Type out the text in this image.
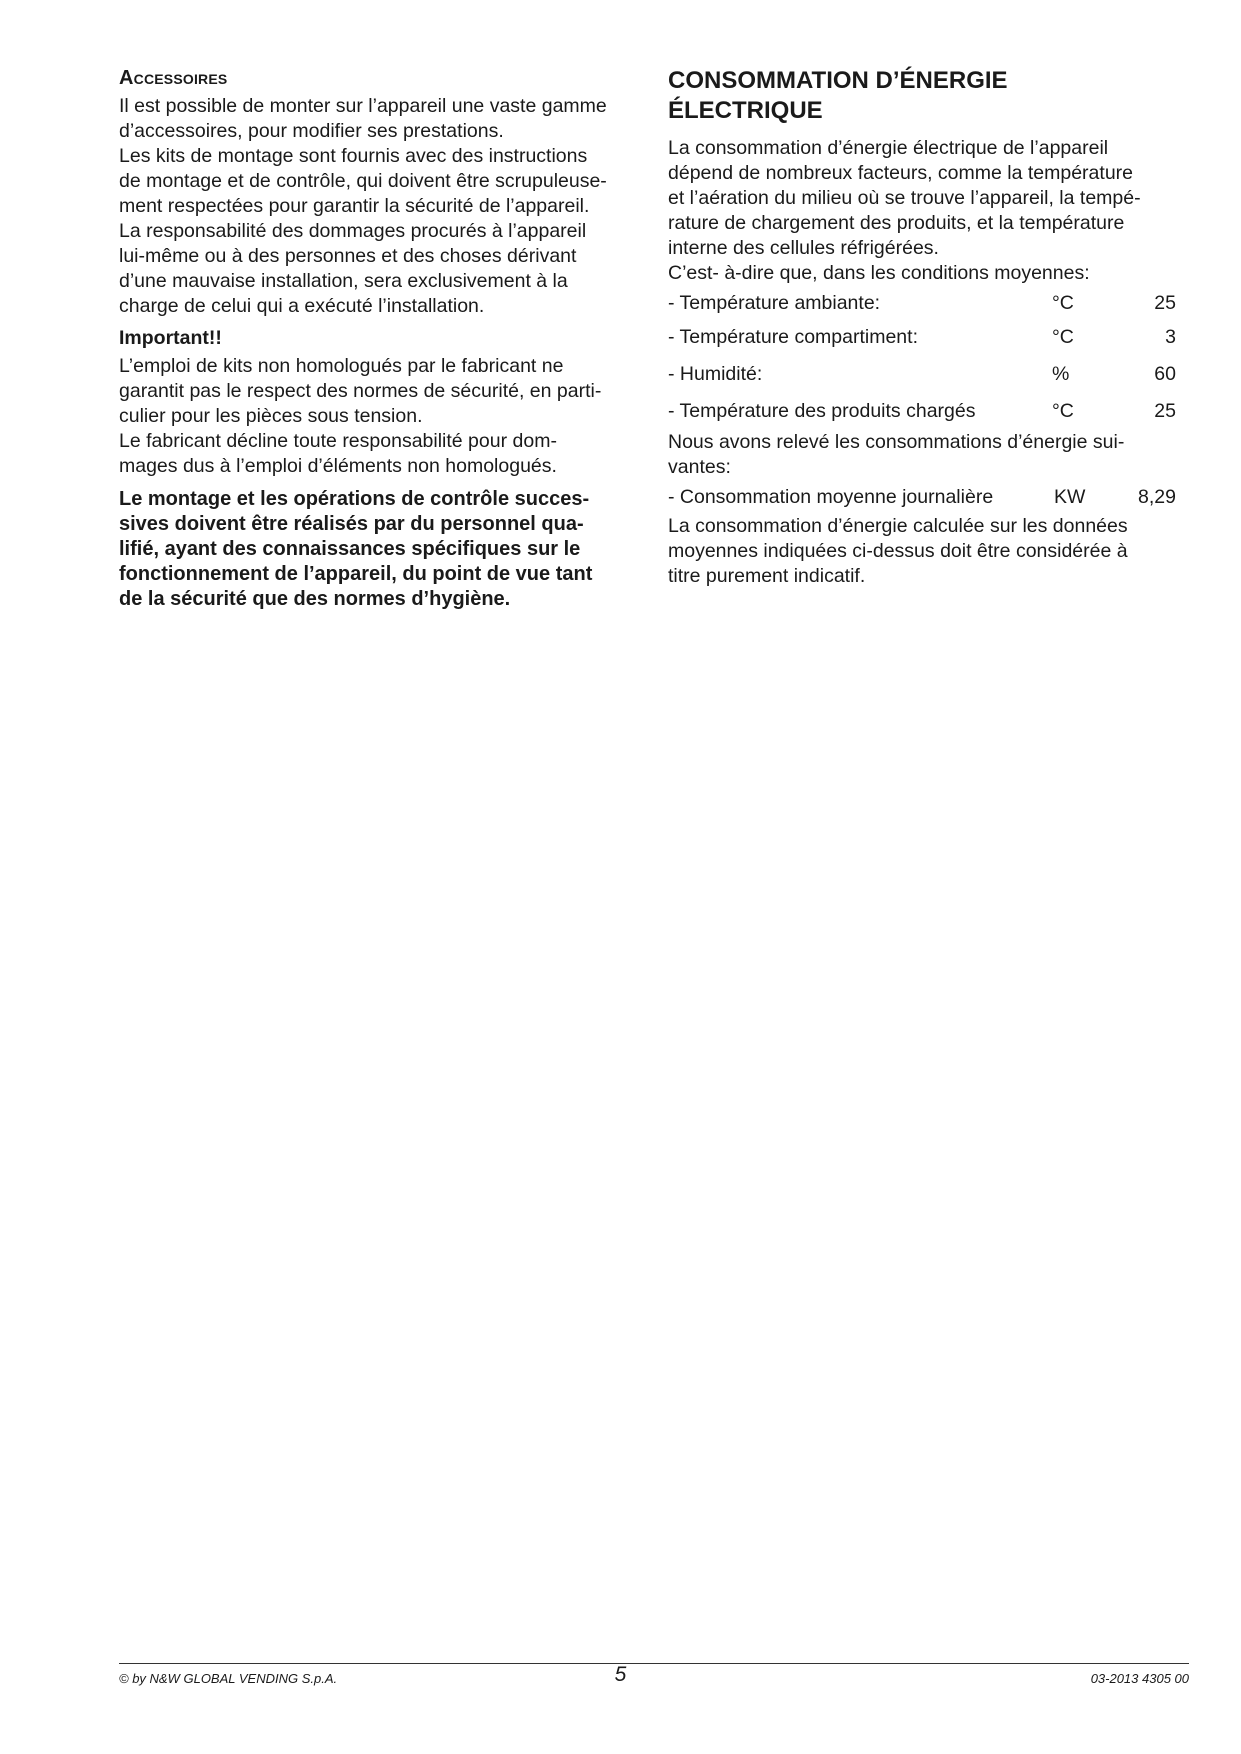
Accessoires

Il est possible de monter sur l’appareil une vaste gamme

d’accessoires, pour modifier ses prestations.

Les kits de montage sont fournis avec des instructions

de montage et de contrôle, qui doivent être scrupuleuse-

ment respectées pour garantir la sécurité de l’appareil.

La responsabilité des dommages procurés à l’appareil

lui-même ou à des personnes et des choses dérivant

d’une mauvaise installation, sera exclusivement à la

charge de celui qui a exécuté l’installation.

Important!!

L’emploi de kits non homologués par le fabricant ne

garantit pas le respect des normes de sécurité, en parti-

culier pour les pièces sous tension.

Le fabricant décline toute responsabilité pour dom-

mages dus à l’emploi d’éléments non homologués.

Le montage et les opérations de contrôle succes-

sives doivent être réalisés par du personnel qua-

lifié, ayant des connaissances spécifiques sur le

fonctionnement de l’appareil, du point de vue tant

de la sécurité que des normes d’hygiène.

CONSOMMATION D’ÉNERGIE
ÉLECTRIQUE

La consommation d’énergie électrique de l’appareil

dépend de nombreux facteurs, comme la température

et l’aération du milieu où se trouve l’appareil, la tempé-

rature de chargement des produits, et la température

interne des cellules réfrigérées.

C’est- à-dire que, dans les conditions moyennes:

- Température ambiante:	°C	25
- Température compartiment:	°C	3
- Humidité:	%	60
- Température des produits chargés	°C	25

Nous avons relevé les consommations d’énergie sui-

vantes:

- Consommation moyenne journalière	KW	8,29

La consommation d’énergie calculée sur les données

moyennes indiquées ci-dessus doit être considérée à

titre purement indicatif.

© by N&W GLOBAL VENDING S.p.A.	5	03-2013 4305 00
